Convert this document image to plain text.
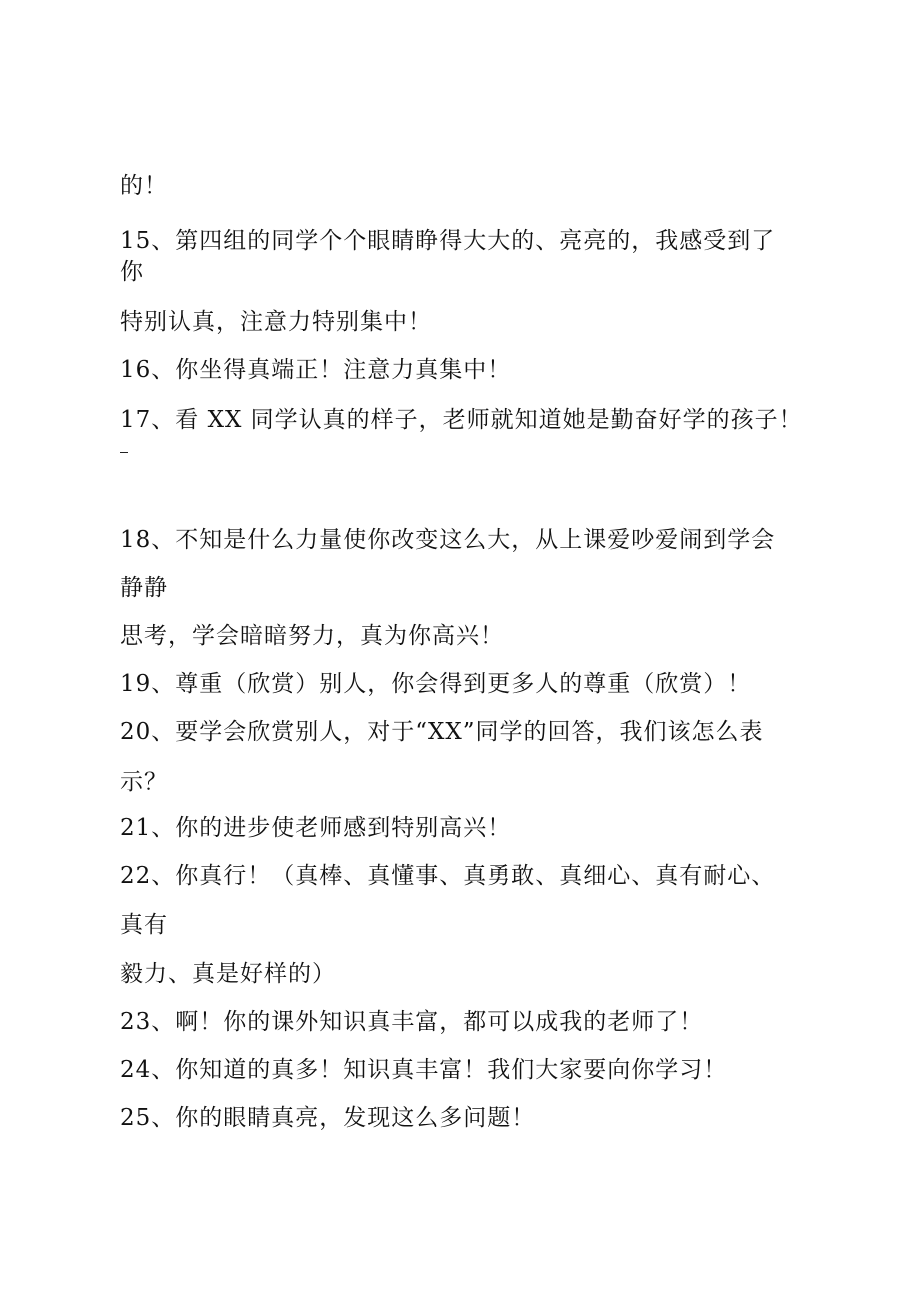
的！
15、第四组的同学个个眼睛睁得大大的、亮亮的，我感受到了
你
特别认真，注意力特别集中！
16、你坐得真端正！注意力真集中！
17、看 XX 同学认真的样子，老师就知道她是勤奋好学的孩子！
18、不知是什么力量使你改变这么大，从上课爱吵爱闹到学会
静静
思考，学会暗暗努力，真为你高兴！
19、尊重（欣赏）别人，你会得到更多人的尊重（欣赏）！
20、要学会欣赏别人，对于“XX”同学的回答，我们该怎么表
示？
21、你的进步使老师感到特别高兴！
22、你真行！（真棒、真懂事、真勇敢、真细心、真有耐心、
真有
毅力、真是好样的）
23、啊！你的课外知识真丰富，都可以成我的老师了！
24、你知道的真多！知识真丰富！我们大家要向你学习！
25、你的眼睛真亮，发现这么多问题！
